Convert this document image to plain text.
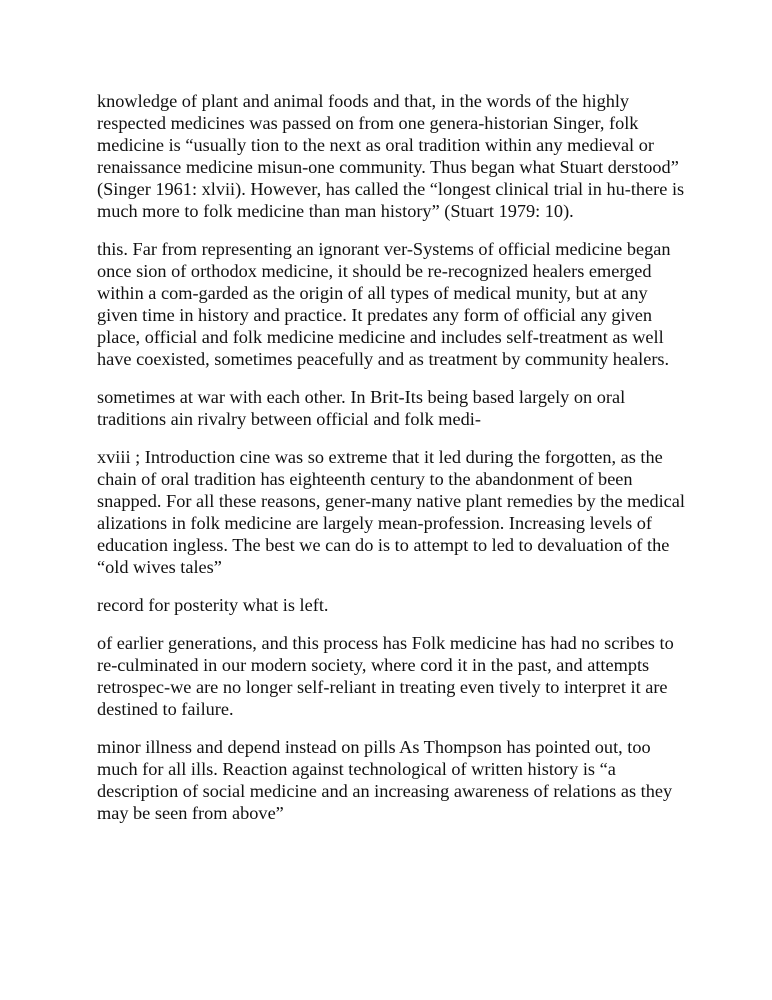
knowledge of plant and animal foods and that, in the words of the highly respected medicines was passed on from one genera-historian Singer, folk medicine is “usually tion to the next as oral tradition within any medieval or renaissance medicine misun-one community. Thus began what Stuart derstood” (Singer 1961: xlvii). However, has called the “longest clinical trial in hu-there is much more to folk medicine than man history” (Stuart 1979: 10).

this. Far from representing an ignorant ver-Systems of official medicine began once sion of orthodox medicine, it should be re-recognized healers emerged within a com-garded as the origin of all types of medical munity, but at any given time in history and practice. It predates any form of official any given place, official and folk medicine medicine and includes self-treatment as well have coexisted, sometimes peacefully and as treatment by community healers.

sometimes at war with each other. In Brit-Its being based largely on oral traditions ain rivalry between official and folk medi-

xviii ; Introduction cine was so extreme that it led during the forgotten, as the chain of oral tradition has eighteenth century to the abandonment of been snapped. For all these reasons, gener-many native plant remedies by the medical alizations in folk medicine are largely mean-profession. Increasing levels of education ingless. The best we can do is to attempt to led to devaluation of the “old wives tales”

record for posterity what is left.

of earlier generations, and this process has Folk medicine has had no scribes to re-culminated in our modern society, where cord it in the past, and attempts retrospec-we are no longer self-reliant in treating even tively to interpret it are destined to failure.

minor illness and depend instead on pills As Thompson has pointed out, too much for all ills. Reaction against technological of written history is “a description of social medicine and an increasing awareness of relations as they may be seen from above”
